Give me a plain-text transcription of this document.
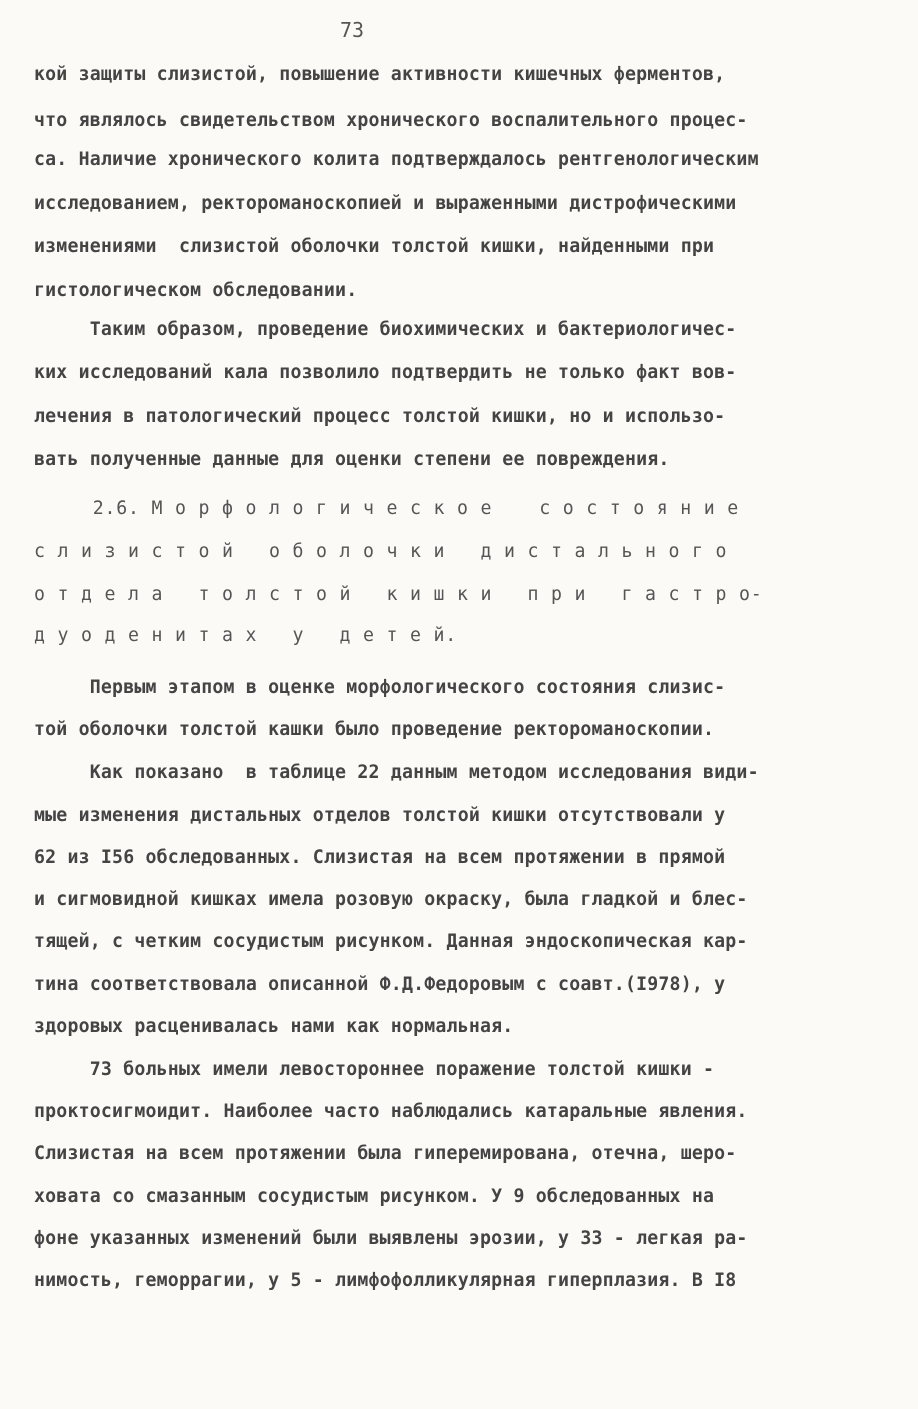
73
кой защиты слизистой, повышение активности кишечных ферментов,
что являлось свидетельством хронического воспалительного процес-
са. Наличие хронического колита подтверждалось рентгенологическим
исследованием, ректороманоскопией и выраженными дистрофическими
изменениями  слизистой оболочки толстой кишки, найденными при
гистологическом обследовании.
Таким образом, проведение биохимических и бактериологичес-
ких исследований кала позволило подтвердить не только факт вов-
лечения в патологический процесс толстой кишки, но и использо-
вать полученные данные для оценки степени ее повреждения.
2.6. М о р ф о л о г и ч е с к о е    с о с т о я н и е
с л и з и с т о й   о б о л о ч к и   д и с т а л ь н о г о
о т д е л а   т о л с т о й   к и ш к и   п р и   г а с т р о-
д у о д е н и т а х   у   д е т е й.
Первым этапом в оценке морфологического состояния слизис-
той оболочки толстой кашки было проведение ректороманоскопии.
Как показано  в таблице 22 данным методом исследования види-
мые изменения дистальных отделов толстой кишки отсутствовали у
62 из I56 обследованных. Слизистая на всем протяжении в прямой
и сигмовидной кишках имела розовую окраску, была гладкой и блес-
тящей, с четким сосудистым рисунком. Данная эндоскопическая кар-
тина соответствовала описанной Ф.Д.Федоровым с соавт.(I978), у
здоровых расценивалась нами как нормальная.
73 больных имели левостороннее поражение толстой кишки -
проктосигмоидит. Наиболее часто наблюдались катаральные явления.
Слизистая на всем протяжении была гиперемирована, отечна, шеро-
ховата со смазанным сосудистым рисунком. У 9 обследованных на
фоне указанных изменений были выявлены эрозии, у 33 - легкая ра-
нимость, геморрагии, у 5 - лимфофолликулярная гиперплазия. В I8
